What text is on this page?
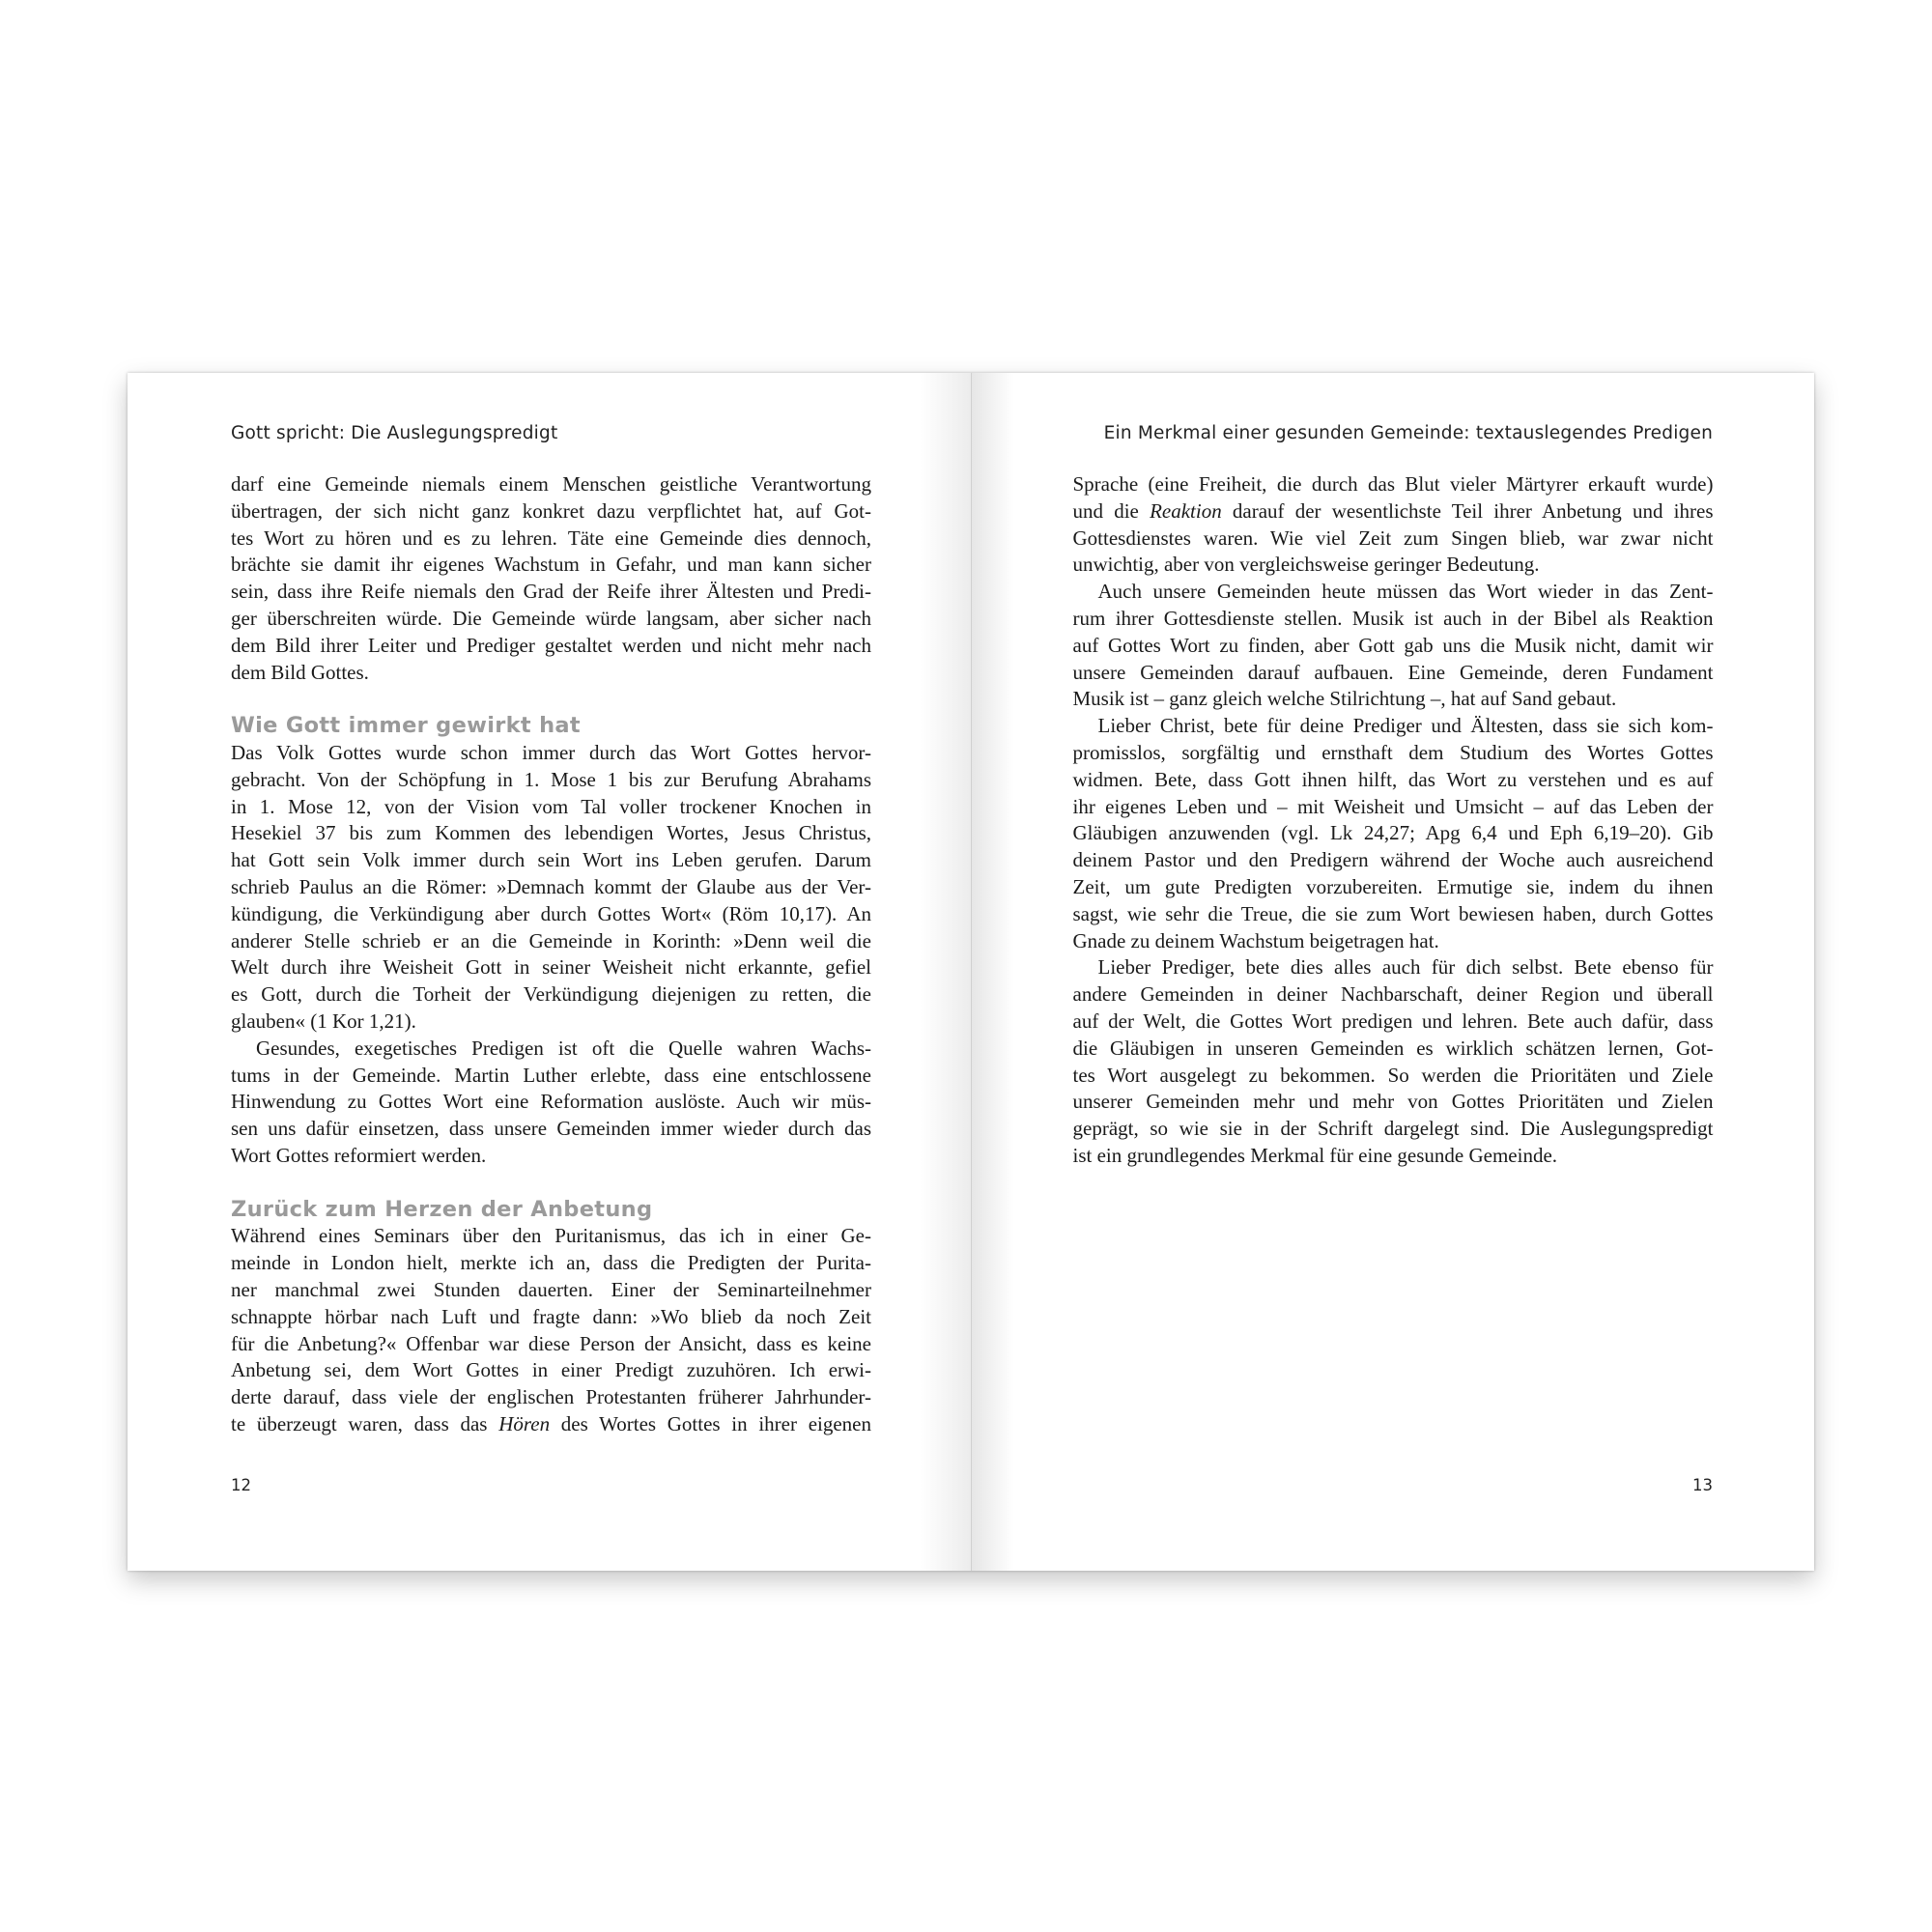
Gott spricht: Die Auslegungspredigt
darf eine Gemeinde niemals einem Menschen geistliche Verantwortung
übertragen, der sich nicht ganz konkret dazu verpflichtet hat, auf Got-
tes Wort zu hören und es zu lehren. Täte eine Gemeinde dies dennoch,
brächte sie damit ihr eigenes Wachstum in Gefahr, und man kann sicher
sein, dass ihre Reife niemals den Grad der Reife ihrer Ältesten und Predi-
ger überschreiten würde. Die Gemeinde würde langsam, aber sicher nach
dem Bild ihrer Leiter und Prediger gestaltet werden und nicht mehr nach
dem Bild Gottes.
Wie Gott immer gewirkt hat
Das Volk Gottes wurde schon immer durch das Wort Gottes hervor-
gebracht. Von der Schöpfung in 1. Mose 1 bis zur Berufung Abrahams
in 1. Mose 12, von der Vision vom Tal voller trockener Knochen in
Hesekiel 37 bis zum Kommen des lebendigen Wortes, Jesus Christus,
hat Gott sein Volk immer durch sein Wort ins Leben gerufen. Darum
schrieb Paulus an die Römer: »Demnach kommt der Glaube aus der Ver-
kündigung, die Verkündigung aber durch Gottes Wort« (Röm 10,17). An
anderer Stelle schrieb er an die Gemeinde in Korinth: »Denn weil die
Welt durch ihre Weisheit Gott in seiner Weisheit nicht erkannte, gefiel
es Gott, durch die Torheit der Verkündigung diejenigen zu retten, die
glauben« (1 Kor 1,21).
Gesundes, exegetisches Predigen ist oft die Quelle wahren Wachs-
tums in der Gemeinde. Martin Luther erlebte, dass eine entschlossene
Hinwendung zu Gottes Wort eine Reformation auslöste. Auch wir müs-
sen uns dafür einsetzen, dass unsere Gemeinden immer wieder durch das
Wort Gottes reformiert werden.
Zurück zum Herzen der Anbetung
Während eines Seminars über den Puritanismus, das ich in einer Ge-
meinde in London hielt, merkte ich an, dass die Predigten der Purita-
ner manchmal zwei Stunden dauerten. Einer der Seminarteilnehmer
schnappte hörbar nach Luft und fragte dann: »Wo blieb da noch Zeit
für die Anbetung?« Offenbar war diese Person der Ansicht, dass es keine
Anbetung sei, dem Wort Gottes in einer Predigt zuzuhören. Ich erwi-
derte darauf, dass viele der englischen Protestanten früherer Jahrhunder-
te überzeugt waren, dass das Hören des Wortes Gottes in ihrer eigenen
12
Ein Merkmal einer gesunden Gemeinde: textauslegendes Predigen
Sprache (eine Freiheit, die durch das Blut vieler Märtyrer erkauft wurde)
und die Reaktion darauf der wesentlichste Teil ihrer Anbetung und ihres
Gottesdienstes waren. Wie viel Zeit zum Singen blieb, war zwar nicht
unwichtig, aber von vergleichsweise geringer Bedeutung.
Auch unsere Gemeinden heute müssen das Wort wieder in das Zent-
rum ihrer Gottesdienste stellen. Musik ist auch in der Bibel als Reaktion
auf Gottes Wort zu finden, aber Gott gab uns die Musik nicht, damit wir
unsere Gemeinden darauf aufbauen. Eine Gemeinde, deren Fundament
Musik ist – ganz gleich welche Stilrichtung –, hat auf Sand gebaut.
Lieber Christ, bete für deine Prediger und Ältesten, dass sie sich kom-
promisslos, sorgfältig und ernsthaft dem Studium des Wortes Gottes
widmen. Bete, dass Gott ihnen hilft, das Wort zu verstehen und es auf
ihr eigenes Leben und – mit Weisheit und Umsicht – auf das Leben der
Gläubigen anzuwenden (vgl. Lk 24,27; Apg 6,4 und Eph 6,19–20). Gib
deinem Pastor und den Predigern während der Woche auch ausreichend
Zeit, um gute Predigten vorzubereiten. Ermutige sie, indem du ihnen
sagst, wie sehr die Treue, die sie zum Wort bewiesen haben, durch Gottes
Gnade zu deinem Wachstum beigetragen hat.
Lieber Prediger, bete dies alles auch für dich selbst. Bete ebenso für
andere Gemeinden in deiner Nachbarschaft, deiner Region und überall
auf der Welt, die Gottes Wort predigen und lehren. Bete auch dafür, dass
die Gläubigen in unseren Gemeinden es wirklich schätzen lernen, Got-
tes Wort ausgelegt zu bekommen. So werden die Prioritäten und Ziele
unserer Gemeinden mehr und mehr von Gottes Prioritäten und Zielen
geprägt, so wie sie in der Schrift dargelegt sind. Die Auslegungspredigt
ist ein grundlegendes Merkmal für eine gesunde Gemeinde.
13
